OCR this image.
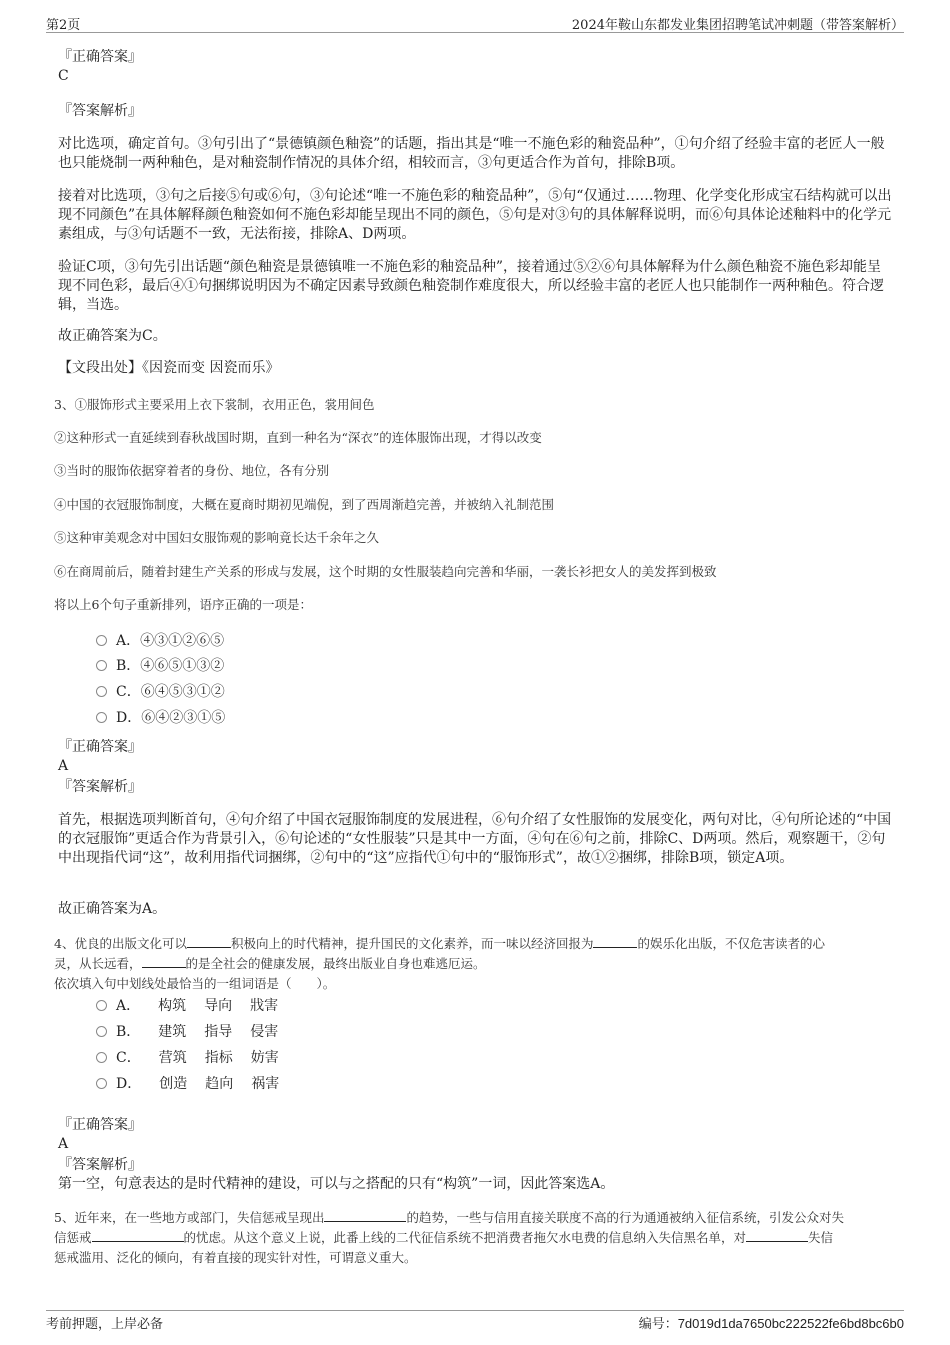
第2页	2024年鞍山东都发业集团招聘笔试冲刺题（带答案解析）
『正确答案』
C
『答案解析』
对比选项，确定首句。③句引出了“景德镇颜色釉瓷”的话题，指出其是“唯一不施色彩的釉瓷品种”，①句介绍了经验丰富的老匠人一般也只能烧制一两种釉色，是对釉瓷制作情况的具体介绍，相较而言，③句更适合作为首句，排除B项。
接着对比选项，③句之后接⑤句或⑥句，③句论述“唯一不施色彩的釉瓷品种”，⑤句“仅通过……物理、化学变化形成宝石结构就可以出现不同颜色”在具体解释颜色釉瓷如何不施色彩却能呈现出不同的颜色，⑤句是对③句的具体解释说明，而⑥句具体论述釉料中的化学元素组成，与③句话题不一致，无法衔接，排除A、D两项。
验证C项，③句先引出话题“颜色釉瓷是景德镇唯一不施色彩的釉瓷品种”，接着通过⑤②⑥句具体解释为什么颜色釉瓷不施色彩却能呈现不同色彩，最后④①句捆绑说明因为不确定因素导致颜色釉瓷制作难度很大，所以经验丰富的老匠人也只能制作一两种釉色。符合逻辑，当选。
故正确答案为C。
【文段出处】《因瓷而变 因瓷而乐》
3、①服饰形式主要采用上衣下裳制，衣用正色，裳用间色
②这种形式一直延续到春秋战国时期，直到一种名为“深衣”的连体服饰出现，才得以改变
③当时的服饰依据穿着者的身份、地位，各有分别
④中国的衣冠服饰制度，大概在夏商时期初见端倪，到了西周渐趋完善，并被纳入礼制范围
⑤这种审美观念对中国妇女服饰观的影响竟长达千余年之久
⑥在商周前后，随着封建生产关系的形成与发展，这个时期的女性服装趋向完善和华丽，一袭长衫把女人的美发挥到极致
将以上6个句子重新排列，语序正确的一项是：
A．④③①②⑥⑤
B．④⑥⑤①③②
C．⑥④⑤③①②
D．⑥④②③①⑤
『正确答案』
A
『答案解析』
首先，根据选项判断首句，④句介绍了中国衣冠服饰制度的发展进程，⑥句介绍了女性服饰的发展变化，两句对比，④句所论述的“中国的衣冠服饰”更适合作为背景引入，⑥句论述的“女性服装”只是其中一方面，④句在⑥句之前，排除C、D两项。然后，观察题干，②句中出现指代词“这”，故利用指代词捆绑，②句中的“这”应指代①句中的“服饰形式”，故①②捆绑，排除B项，锁定A项。
故正确答案为A。
4、优良的出版文化可以	积极向上的时代精神，提升国民的文化素养，而一味以经济回报为	的娱乐化出版，不仅危害读者的心
灵，从长远看，	的是全社会的健康发展，最终出版业自身也难逃厄运。
依次填入句中划线处最恰当的一组词语是（　　）。
A． 构筑 导向 戕害
B． 建筑 指导 侵害
C． 营筑 指标 妨害
D． 创造 趋向 祸害
『正确答案』
A
『答案解析』
第一空，句意表达的是时代精神的建设，可以与之搭配的只有“构筑”一词，因此答案选A。
5、近年来，在一些地方或部门，失信惩戒呈现出	的趋势，一些与信用直接关联度不高的行为通通被纳入征信系统，引发公众对失
信惩戒	的忧虑。从这个意义上说，此番上线的二代征信系统不把消费者拖欠水电费的信息纳入失信黑名单，对	失信
惩戒滥用、泛化的倾向，有着直接的现实针对性，可谓意义重大。
考前押题，上岸必备	编号：7d019d1da7650bc222522fe6bd8bc6b0
